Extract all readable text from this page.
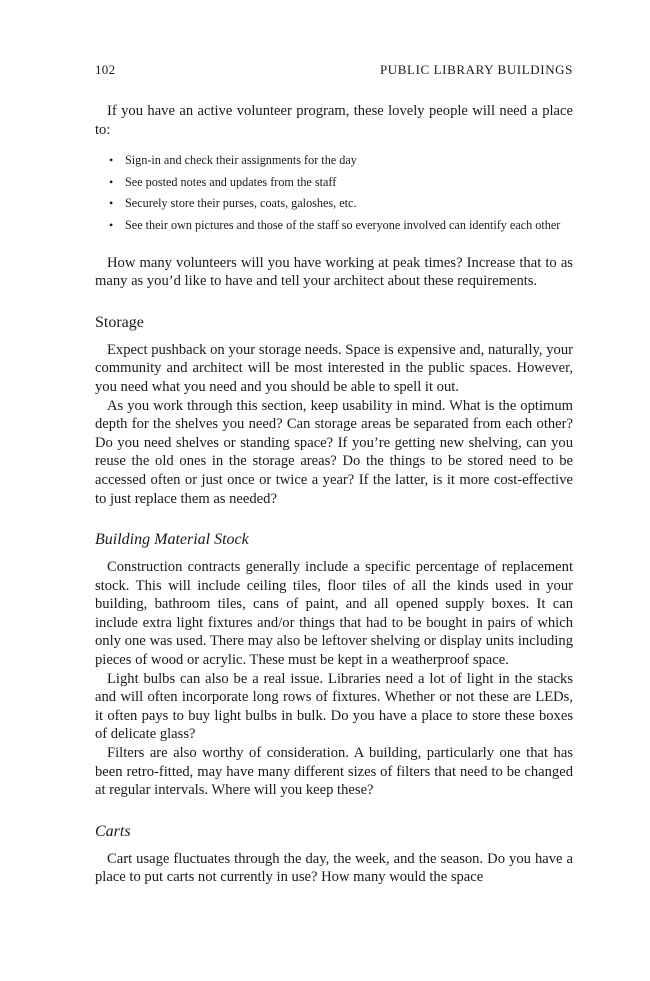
102	PUBLIC LIBRARY BUILDINGS

If you have an active volunteer program, these lovely people will need a place to:

• Sign-in and check their assignments for the day
• See posted notes and updates from the staff
• Securely store their purses, coats, galoshes, etc.
• See their own pictures and those of the staff so everyone involved can identify each other

How many volunteers will you have working at peak times? Increase that to as many as you’d like to have and tell your architect about these requirements.

Storage

Expect pushback on your storage needs. Space is expensive and, naturally, your community and architect will be most interested in the public spaces. However, you need what you need and you should be able to spell it out.

As you work through this section, keep usability in mind. What is the optimum depth for the shelves you need? Can storage areas be separated from each other? Do you need shelves or standing space? If you’re getting new shelving, can you reuse the old ones in the storage areas? Do the things to be stored need to be accessed often or just once or twice a year? If the latter, is it more cost-effective to just replace them as needed?

Building Material Stock

Construction contracts generally include a specific percentage of replacement stock. This will include ceiling tiles, floor tiles of all the kinds used in your building, bathroom tiles, cans of paint, and all opened supply boxes. It can include extra light fixtures and/or things that had to be bought in pairs of which only one was used. There may also be leftover shelving or display units including pieces of wood or acrylic. These must be kept in a weatherproof space.

Light bulbs can also be a real issue. Libraries need a lot of light in the stacks and will often incorporate long rows of fixtures. Whether or not these are LEDs, it often pays to buy light bulbs in bulk. Do you have a place to store these boxes of delicate glass?

Filters are also worthy of consideration. A building, particularly one that has been retro-fitted, may have many different sizes of filters that need to be changed at regular intervals. Where will you keep these?

Carts

Cart usage fluctuates through the day, the week, and the season. Do you have a place to put carts not currently in use? How many would the space
